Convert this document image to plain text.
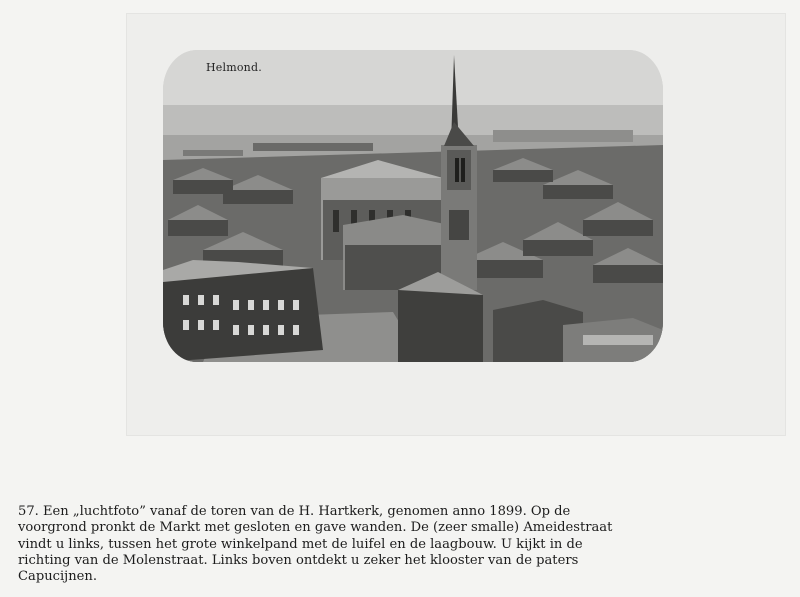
Helmond.
57. Een „luchtfoto” vanaf de toren van de H. Hartkerk, genomen anno 1899. Op de
voorgrond pronkt de Markt met gesloten en gave wanden. De (zeer smalle) Ameidestraat
vindt u links, tussen het grote winkelpand met de luifel en de laagbouw. U kijkt in de
richting van de Molenstraat. Links boven ontdekt u zeker het klooster van de paters
Capucijnen.
